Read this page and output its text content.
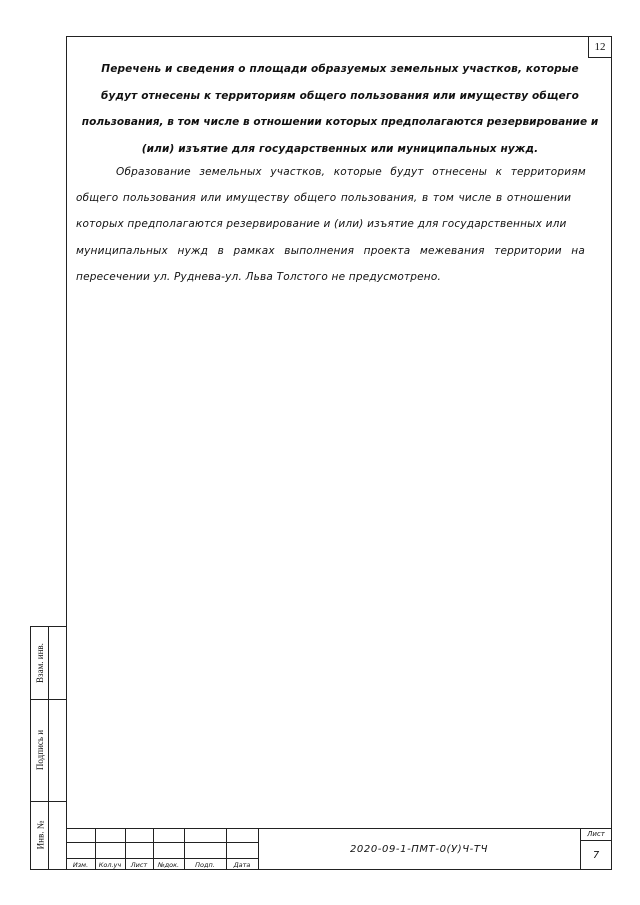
12
Перечень и сведения о площади образуемых земельных участков, которые
будут отнесены к территориям общего пользования или имуществу общего
пользования, в том числе в отношении которых предполагаются резервирование и
(или) изъятие для государственных или муниципальных нужд.
Образование земельных участков, которые будут отнесены к территориям
общего пользования или имуществу общего пользования, в том числе в отношении
которых предполагаются резервирование и (или) изъятие для государственных или
муниципальных нужд в рамках выполнения проекта межевания территории на
пересечении ул. Руднева-ул. Льва Толстого не предусмотрено.
Взам. инв.
Подпись и
Инв. №
Изм.	Кол.уч	Лист	№док.	Подп.	Дата
2020-09-1-ПМТ-0(У)Ч-ТЧ
Лист
7
